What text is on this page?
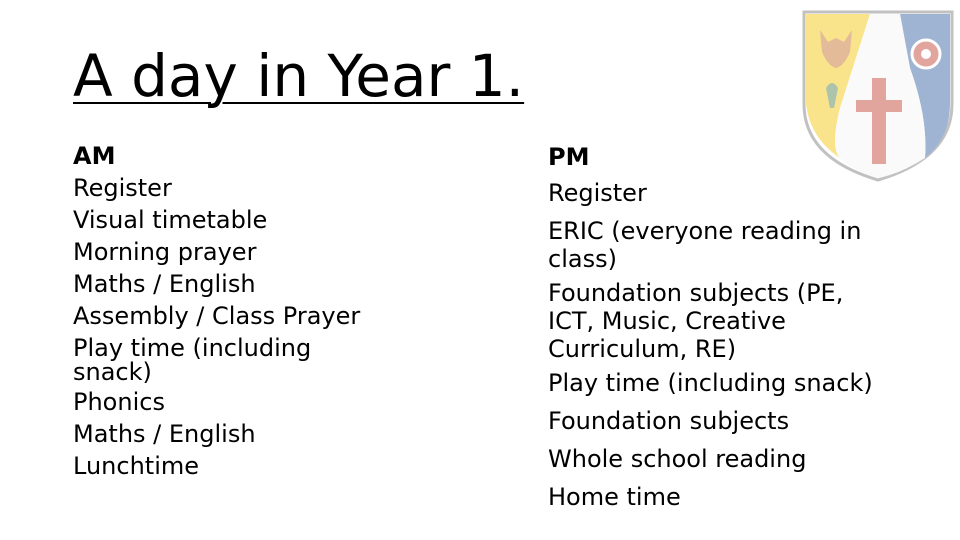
A day in Year 1.
AM
Register
Visual timetable
Morning prayer
Maths / English
Assembly / Class Prayer
Play time (including snack)
Phonics
Maths / English
Lunchtime
PM
Register
ERIC (everyone reading in class)
Foundation subjects (PE, ICT, Music, Creative Curriculum, RE)
Play time (including snack)
Foundation subjects
Whole school reading
Home time
